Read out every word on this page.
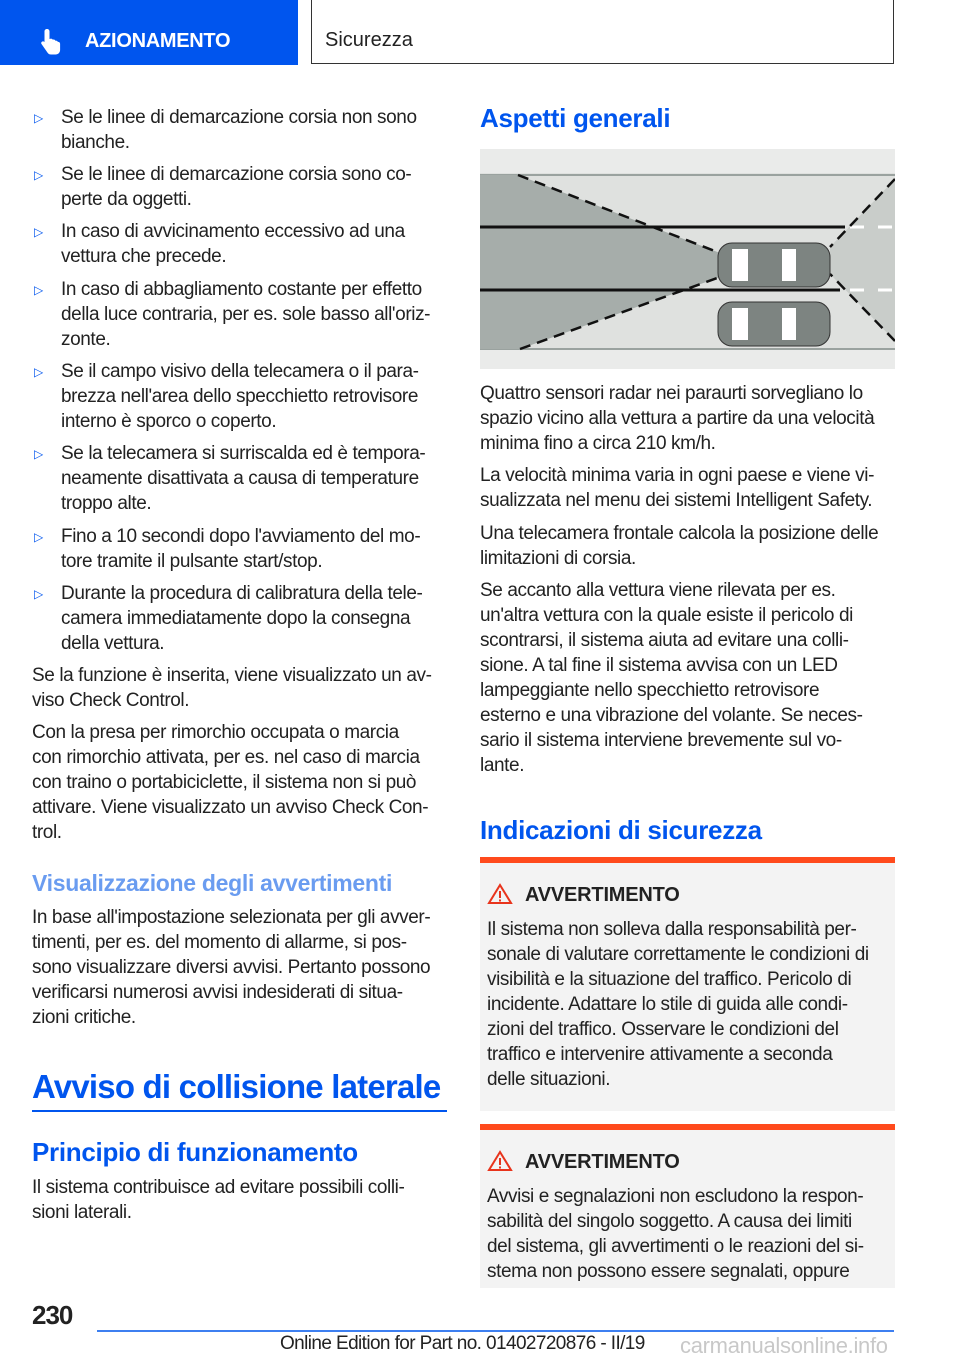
AZIONAMENTO	Sicurezza
▷ Se le linee di demarcazione corsia non sono
bianche.
▷ Se le linee di demarcazione corsia sono co-
perte da oggetti.
▷ In caso di avvicinamento eccessivo ad una
vettura che precede.
▷ In caso di abbagliamento costante per effetto
della luce contraria, per es. sole basso all'oriz-
zonte.
▷ Se il campo visivo della telecamera o il para-
brezza nell'area dello specchietto retrovisore
interno è sporco o coperto.
▷ Se la telecamera si surriscalda ed è tempora-
neamente disattivata a causa di temperature
troppo alte.
▷ Fino a 10 secondi dopo l'avviamento del mo-
tore tramite il pulsante start/stop.
▷ Durante la procedura di calibratura della tele-
camera immediatamente dopo la consegna
della vettura.
Se la funzione è inserita, viene visualizzato un av-
viso Check Control.
Con la presa per rimorchio occupata o marcia
con rimorchio attivata, per es. nel caso di marcia
con traino o portabiciclette, il sistema non si può
attivare. Viene visualizzato un avviso Check Con-
trol.
Visualizzazione degli avvertimenti
In base all'impostazione selezionata per gli avver-
timenti, per es. del momento di allarme, si pos-
sono visualizzare diversi avvisi. Pertanto possono
verificarsi numerosi avvisi indesiderati di situa-
zioni critiche.
Avviso di collisione laterale
Principio di funzionamento
Il sistema contribuisce ad evitare possibili colli-
sioni laterali.
Aspetti generali
Quattro sensori radar nei paraurti sorvegliano lo
spazio vicino alla vettura a partire da una velocità
minima fino a circa 210 km/h.
La velocità minima varia in ogni paese e viene vi-
sualizzata nel menu dei sistemi Intelligent Safety.
Una telecamera frontale calcola la posizione delle
limitazioni di corsia.
Se accanto alla vettura viene rilevata per es.
un'altra vettura con la quale esiste il pericolo di
scontrarsi, il sistema aiuta ad evitare una colli-
sione. A tal fine il sistema avvisa con un LED
lampeggiante nello specchietto retrovisore
esterno e una vibrazione del volante. Se neces-
sario il sistema interviene brevemente sul vo-
lante.
Indicazioni di sicurezza
AVVERTIMENTO
Il sistema non solleva dalla responsabilità per-
sonale di valutare correttamente le condizioni di
visibilità e la situazione del traffico. Pericolo di
incidente. Adattare lo stile di guida alle condi-
zioni del traffico. Osservare le condizioni del
traffico e intervenire attivamente a seconda
delle situazioni.
AVVERTIMENTO
Avvisi e segnalazioni non escludono la respon-
sabilità del singolo soggetto. A causa dei limiti
del sistema, gli avvertimenti o le reazioni del si-
stema non possono essere segnalati, oppure
230
Online Edition for Part no. 01402720876 - II/19 carmanualsonline.info
